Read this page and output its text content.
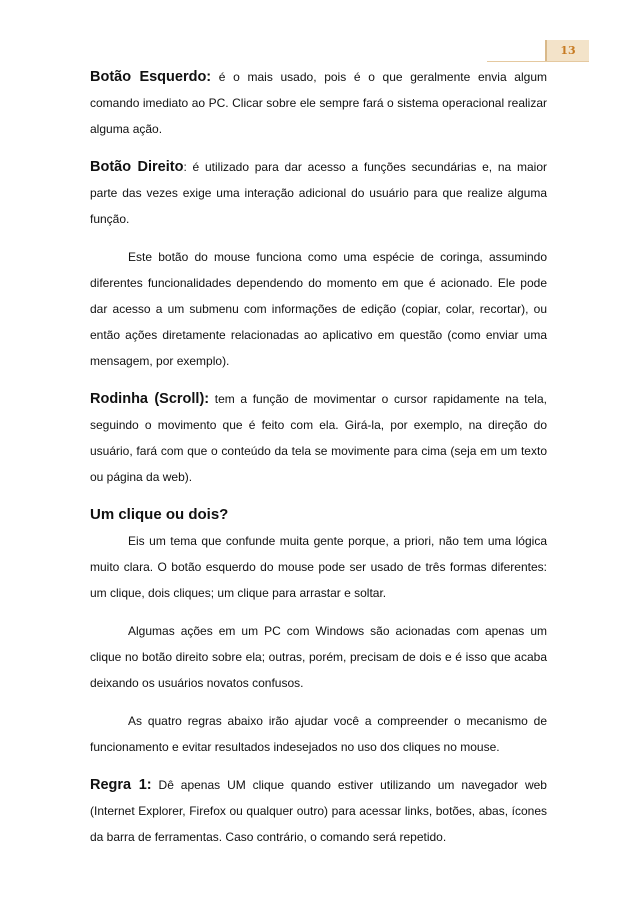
13

Botão Esquerdo: é o mais usado, pois é o que geralmente envia algum comando imediato ao PC. Clicar sobre ele sempre fará o sistema operacional realizar alguma ação.

Botão Direito: é utilizado para dar acesso a funções secundárias e, na maior parte das vezes exige uma interação adicional do usuário para que realize alguma função.

Este botão do mouse funciona como uma espécie de coringa, assumindo diferentes funcionalidades dependendo do momento em que é acionado. Ele pode dar acesso a um submenu com informações de edição (copiar, colar, recortar), ou então ações diretamente relacionadas ao aplicativo em questão (como enviar uma mensagem, por exemplo).

Rodinha (Scroll): tem a função de movimentar o cursor rapidamente na tela, seguindo o movimento que é feito com ela. Girá-la, por exemplo, na direção do usuário, fará com que o conteúdo da tela se movimente para cima (seja em um texto ou página da web).

Um clique ou dois?

Eis um tema que confunde muita gente porque, a priori, não tem uma lógica muito clara. O botão esquerdo do mouse pode ser usado de três formas diferentes: um clique, dois cliques; um clique para arrastar e soltar.

Algumas ações em um PC com Windows são acionadas com apenas um clique no botão direito sobre ela; outras, porém, precisam de dois e é isso que acaba deixando os usuários novatos confusos.

As quatro regras abaixo irão ajudar você a compreender o mecanismo de funcionamento e evitar resultados indesejados no uso dos cliques no mouse.

Regra 1: Dê apenas UM clique quando estiver utilizando um navegador web (Internet Explorer, Firefox ou qualquer outro) para acessar links, botões, abas, ícones da barra de ferramentas. Caso contrário, o comando será repetido.
